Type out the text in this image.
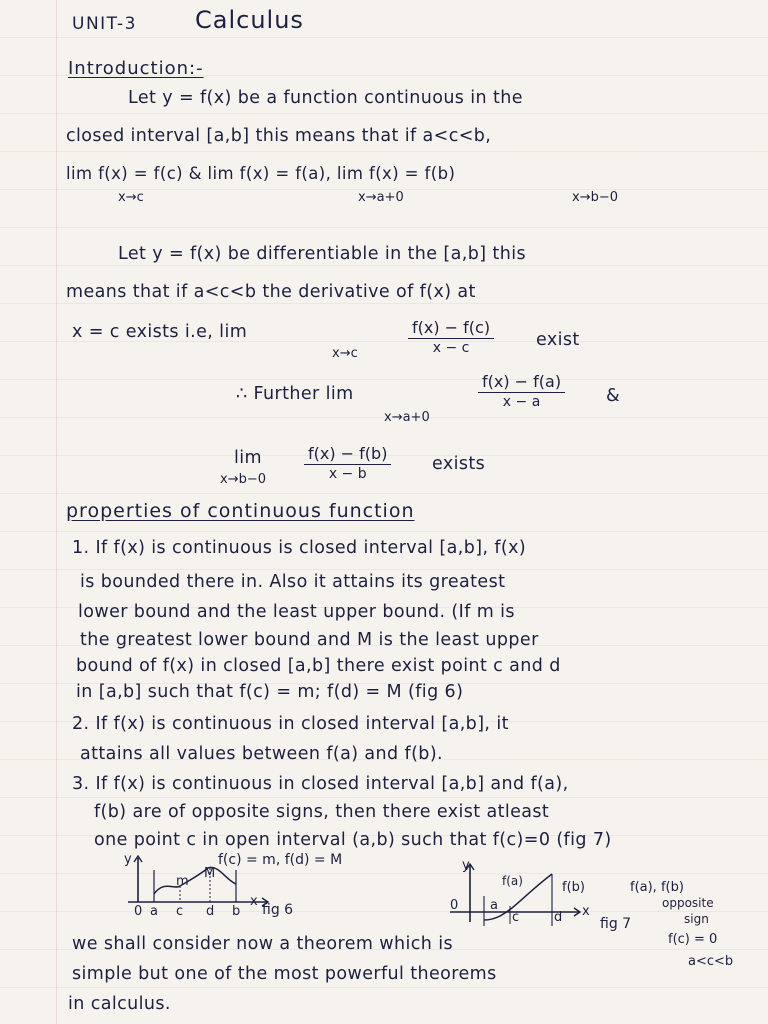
UNIT-3 Calculus
Introduction:-
Let y = f(x) be a function continuous in the
closed interval [a,b] this means that if a<c<b,
lim f(x) = f(c) & lim f(x) = f(a), lim f(x) = f(b)
x→c	x→a+0	x→b−0
Let y = f(x) be differentiable in the [a,b] this
means that if a<c<b the derivative of f(x) at
x = c exists i.e, lim
x→c	$\frac{f(x) - f(c)}{x - c}$ exist
∴ Further lim
x→a+0
$\frac{f(x) - f(a)}{x - a}$ &
lim
$x\to b-0 \frac{f(x) - f(b)}{x - b}$ exists
properties of continuous function
1. If f(x) is continuous is closed interval [a,b], f(x)
is bounded there in. Also it attains its greatest
lower bound and the least upper bound. (If m is
the greatest lower bound and M is the least upper
bound of f(x) in closed [a,b] there exist point c and d
in [a,b] such that f(c) = m; f(d) = M (fig 6)
2. If f(x) is continuous in closed interval [a,b], it
attains all values between f(a) and f(b).
3. If f(x) is continuous in closed interval [a,b] and f(a),
f(b) are of opposite signs, then there exist atleast
one point c in open interval (a,b) such that f(c)=0 (fig 7)
f(c) = m, f(d) = M
m
M
0 a c d b
x
y
fig 6
y
f(a)	f(b)
0 a
c	d x
fig 7
f(a), f(b)
opposite
sign
f(c) = 0
a<c<b
we shall consider now a theorem which is
simple but one of the most powerful theorems
in calculus.
